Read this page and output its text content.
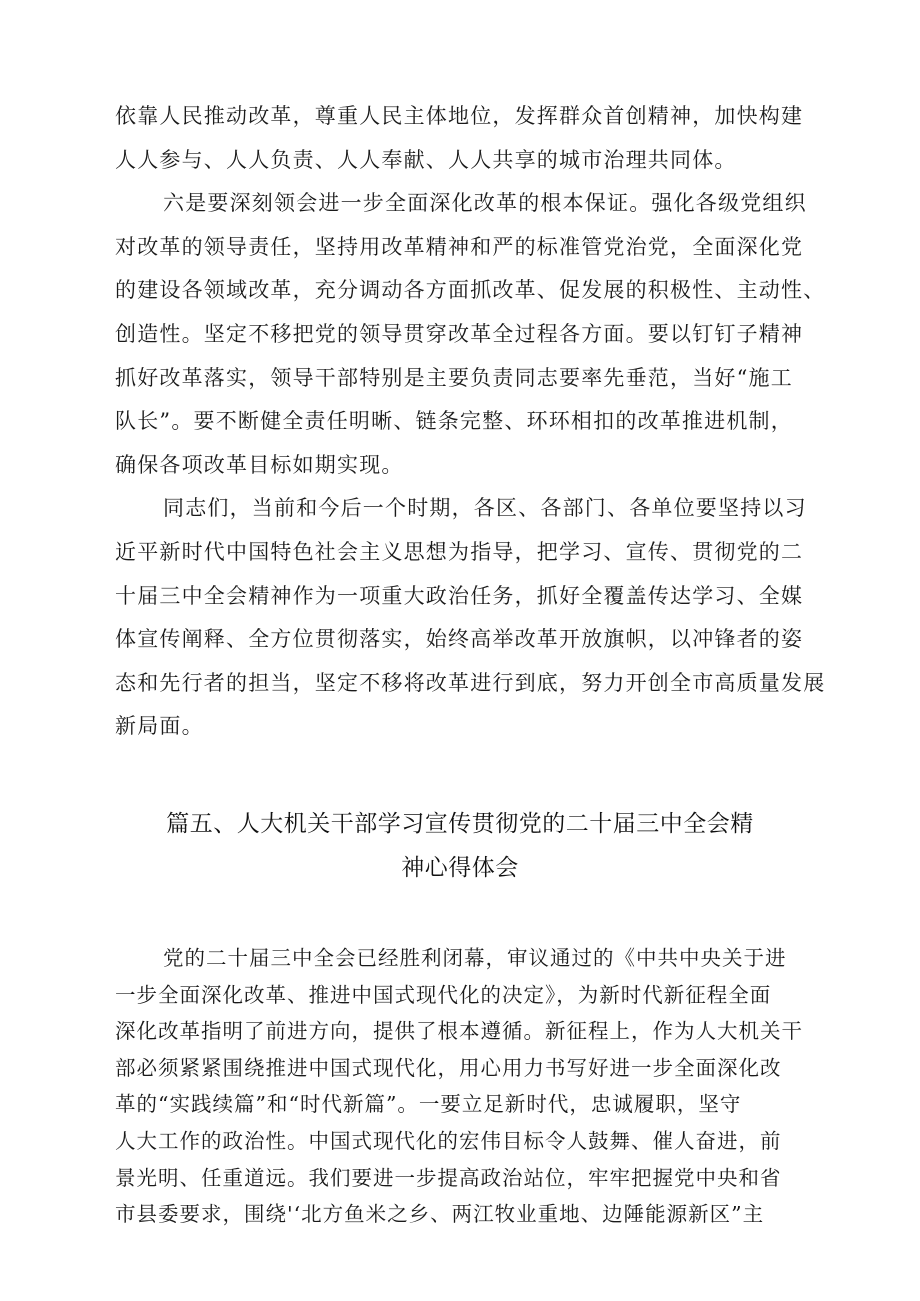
依靠人民推动改革，尊重人民主体地位，发挥群众首创精神，加快构建
人人参与、人人负责、人人奉献、人人共享的城市治理共同体。
六是要深刻领会进一步全面深化改革的根本保证。强化各级党组织
对改革的领导责任，坚持用改革精神和严的标准管党治党，全面深化党
的建设各领域改革，充分调动各方面抓改革、促发展的积极性、主动性、
创造性。坚定不移把党的领导贯穿改革全过程各方面。要以钉钉子精神
抓好改革落实，领导干部特别是主要负责同志要率先垂范，当好“施工
队长”。要不断健全责任明晰、链条完整、环环相扣的改革推进机制，
确保各项改革目标如期实现。
同志们，当前和今后一个时期，各区、各部门、各单位要坚持以习
近平新时代中国特色社会主义思想为指导，把学习、宣传、贯彻党的二
十届三中全会精神作为一项重大政治任务，抓好全覆盖传达学习、全媒
体宣传阐释、全方位贯彻落实，始终高举改革开放旗帜，以冲锋者的姿
态和先行者的担当，坚定不移将改革进行到底，努力开创全市高质量发展
新局面。
篇五、人大机关干部学习宣传贯彻党的二十届三中全会精
神心得体会
党的二十届三中全会已经胜利闭幕，审议通过的《中共中央关于进
一步全面深化改革、推进中国式现代化的决定》，为新时代新征程全面
深化改革指明了前进方向，提供了根本遵循。新征程上，作为人大机关干
部必须紧紧围绕推进中国式现代化，用心用力书写好进一步全面深化改
革的“实践续篇”和“时代新篇”。一要立足新时代，忠诚履职，坚守
人大工作的政治性。中国式现代化的宏伟目标令人鼓舞、催人奋进，前
景光明、任重道远。我们要进一步提高政治站位，牢牢把握党中央和省
市县委要求，围绕'‘北方鱼米之乡、两江牧业重地、边陲能源新区”主
